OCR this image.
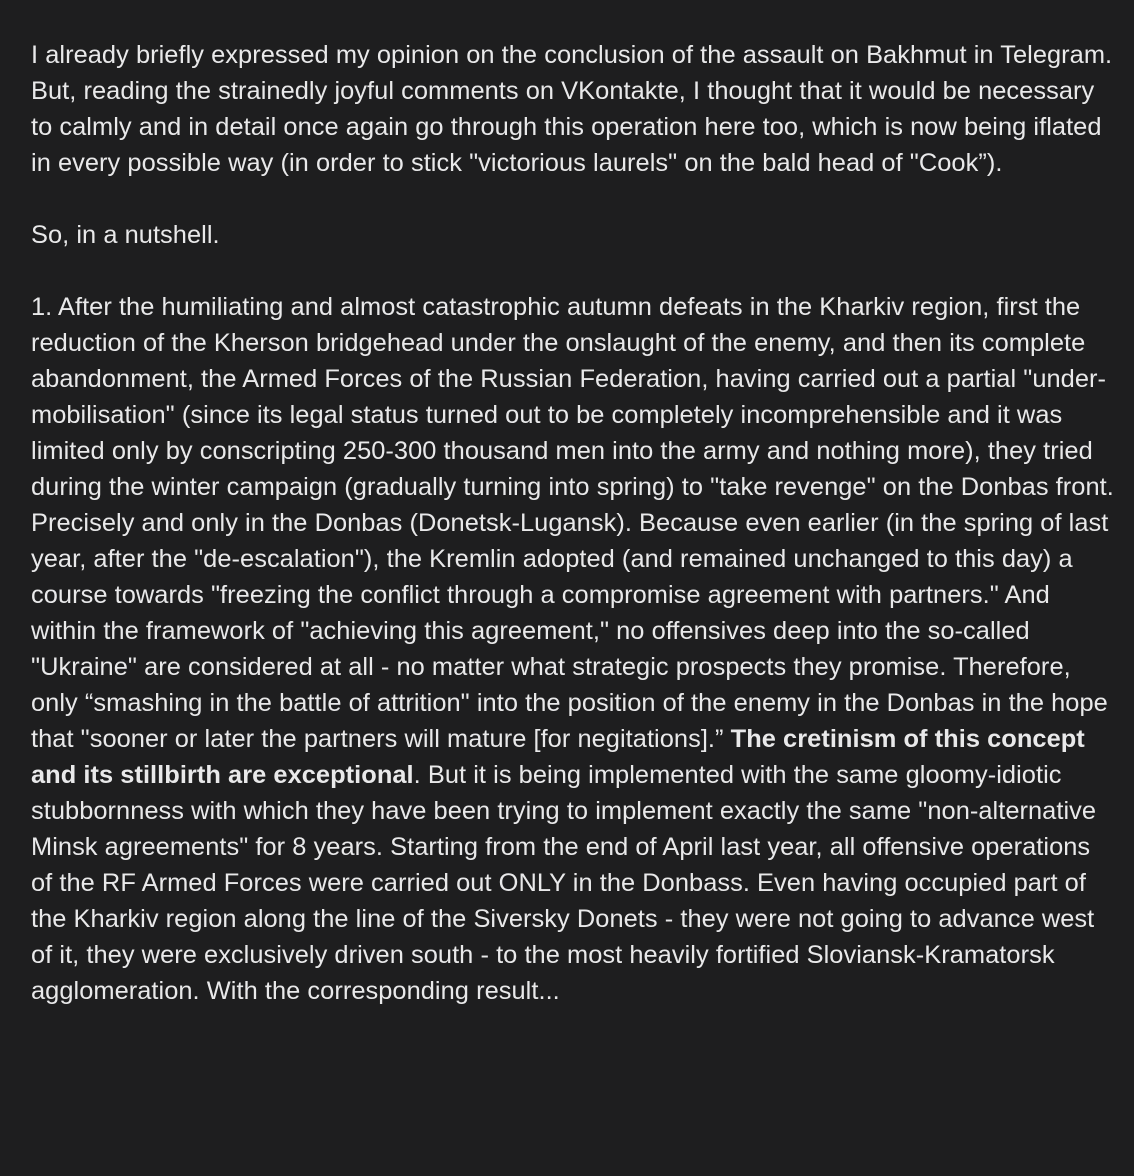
I already briefly expressed my opinion on the conclusion of the assault on Bakhmut in Telegram. But, reading the strainedly joyful comments on VKontakte, I thought that it would be necessary to calmly and in detail once again go through this operation here too, which is now being iflated in every possible way (in order to stick "victorious laurels" on the bald head of "Cook”).

So, in a nutshell.

1. After the humiliating and almost catastrophic autumn defeats in the Kharkiv region, first the reduction of the Kherson bridgehead under the onslaught of the enemy, and then its complete abandonment, the Armed Forces of the Russian Federation, having carried out a partial "under-mobilisation" (since its legal status turned out to be completely incomprehensible and it was limited only by conscripting 250-300 thousand men into the army and nothing more), they tried during the winter campaign (gradually turning into spring) to "take revenge" on the Donbas front. Precisely and only in the Donbas (Donetsk-Lugansk). Because even earlier (in the spring of last year, after the "de-escalation"), the Kremlin adopted (and remained unchanged to this day) a course towards "freezing the conflict through a compromise agreement with partners." And within the framework of "achieving this agreement," no offensives deep into the so-called "Ukraine" are considered at all - no matter what strategic prospects they promise. Therefore, only “smashing in the battle of attrition" into the position of the enemy in the Donbas in the hope that "sooner or later the partners will mature [for negitations].” The cretinism of this concept and its stillbirth are exceptional. But it is being implemented with the same gloomy-idiotic stubbornness with which they have been trying to implement exactly the same "non-alternative Minsk agreements" for 8 years. Starting from the end of April last year, all offensive operations of the RF Armed Forces were carried out ONLY in the Donbass. Even having occupied part of the Kharkiv region along the line of the Siversky Donets - they were not going to advance west of it, they were exclusively driven south - to the most heavily fortified Sloviansk-Kramatorsk agglomeration. With the corresponding result...
